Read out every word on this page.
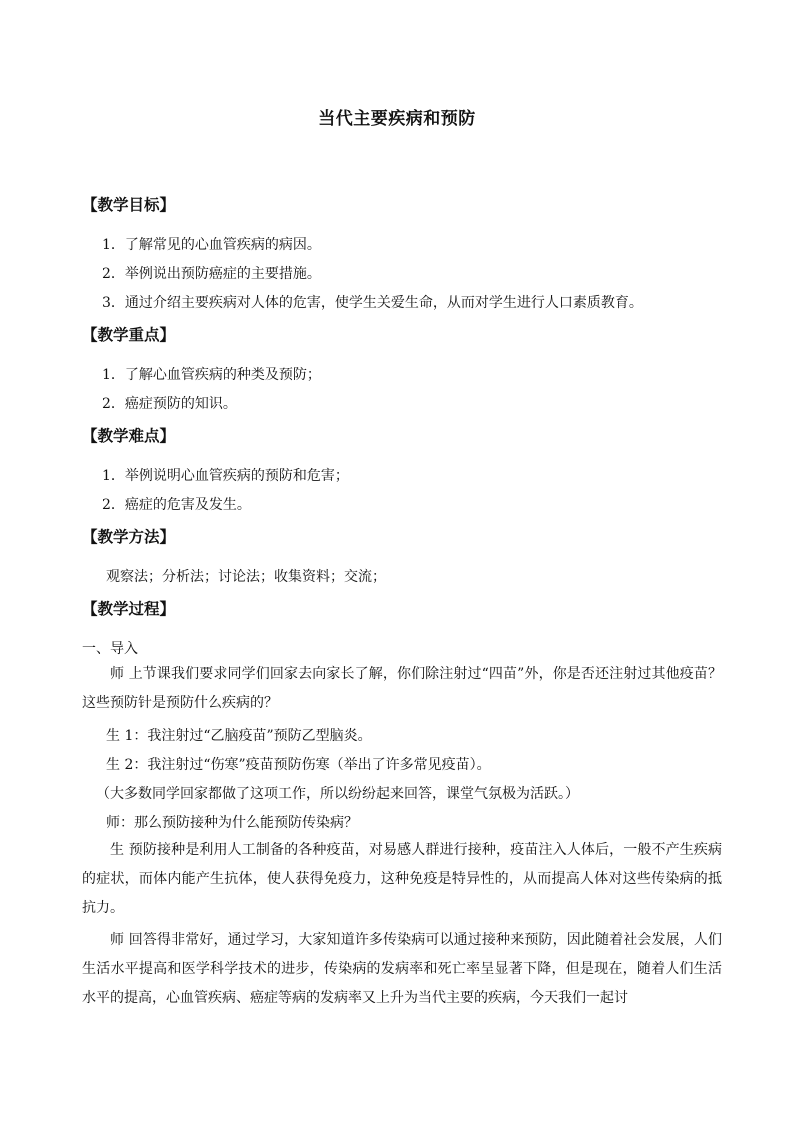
当代主要疾病和预防
【教学目标】
1．了解常见的心血管疾病的病因。
2．举例说出预防癌症的主要措施。
3．通过介绍主要疾病对人体的危害，使学生关爱生命，从而对学生进行人口素质教育。
【教学重点】
1．了解心血管疾病的种类及预防；
2．癌症预防的知识。
【教学难点】
1．举例说明心血管疾病的预防和危害；
2．癌症的危害及发生。
【教学方法】
观察法；分析法；讨论法；收集资料；交流；
【教学过程】
一、导入
师 上节课我们要求同学们回家去向家长了解，你们除注射过“四苗”外，你是否还注射过其他疫苗？这些预防针是预防什么疾病的？
生 1：我注射过“乙脑疫苗”预防乙型脑炎。
生 2：我注射过“伤寒”疫苗预防伤寒（举出了许多常见疫苗）。
（大多数同学回家都做了这项工作，所以纷纷起来回答，课堂气氛极为活跃。）
师：那么预防接种为什么能预防传染病？
生 预防接种是利用人工制备的各种疫苗，对易感人群进行接种，疫苗注入人体后，一般不产生疾病的症状，而体内能产生抗体，使人获得免疫力，这种免疫是特异性的，从而提高人体对这些传染病的抵抗力。
师 回答得非常好，通过学习，大家知道许多传染病可以通过接种来预防，因此随着社会发展，人们生活水平提高和医学科学技术的进步，传染病的发病率和死亡率呈显著下降，但是现在，随着人们生活水平的提高，心血管疾病、癌症等病的发病率又上升为当代主要的疾病，今天我们一起讨
